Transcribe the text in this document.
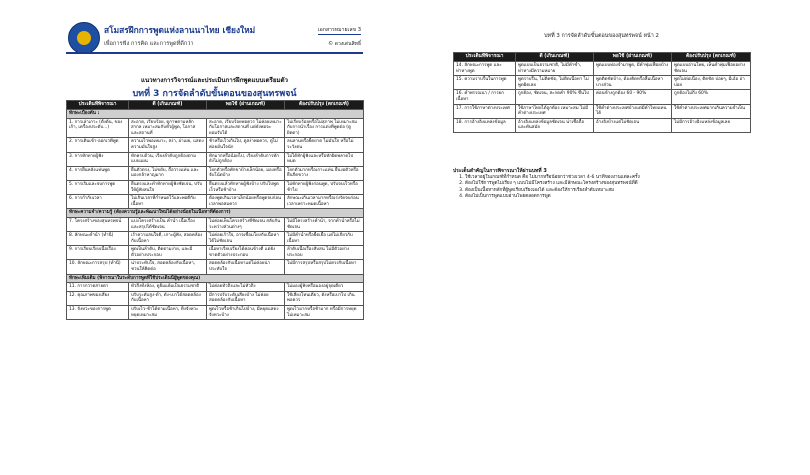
สโมสรฝึกการพูดแห่งลานนาไทย เชียงใหม่
เพื่อการฟัง การคิด และการพูดที่ดีกว่า
เอกสารหมายเลข 3
© ดวงเด่นสิทธิ์
แนวทางการวิจารณ์และประเมินการฝึกพูดแบบเตรียมตัว
บทที่ 3 การจัดลำดับขั้นตอนของสุนทรพจน์
ประเด็นที่พิจารณา	ดี (เกินเกณฑ์)	พอใช้ (ผ่านเกณฑ์)	ต้องปรับปรุง (ตกเกณฑ์)
ทักษะเบื้องต้น :			
1. การเล่าเกาะ (ตั้งต้น, ของเก้า, เครื่องประดับ...)	สะอาด, เรียบร้อย, ดูกาพตามหลักสากล เหมาะสมกับหัวผู้พูด, โอกาส และสถานที่	สะอาด, เรียบร้อยพอควร ไม่ค่อยเหมาะกับโอกาสและสถานที่ แต่ยังพอจะยอมรับได้	ไม่เรียบร้อยหรือไม่สุภาพ ไม่เหมาะสมกับการนำเรื่อง การแต่งที่พูดต่อ (ดูผิดตา)
2. การเดินเข้า-ออกเวทีพูด	ความเร็วพอเหมาะ, สง่า, ผ่าเผย, แสดงความมั่นใจสูง	ช้าหรือเร็วเกินไป, ดูสง่าพอควร, ดูไม่ค่อยมั่นใจนัก	ลนลานหรือยืดยาด ไม่มั่นใจ หรือไม่ระวังตน
3. การทักทายผู้ฟัง	ทักครบถ้วน, เรียงลำดับถูกต้องตามแบบแผน	ทักมากหรือน้อยไป, เรียงลำดับการทักยังไม่ถูกต้อง	ไม่ได้ทักผู้ฟังและหรือทักผิดพลาดไปหมด
4. การยืนหลังแท่นพูด	ยืนตัวตรง, ไม่ขยับ, ถือวางแท่น และมองกล้าหาญมาก	โยกตัวหรือพักขาบ้างเล็กน้อย, มองหรือจับโน้ตบ้าง	โยกตัวมากหรือเกาะแท่น ยืนงอตัวหรือยืนกีดขวาง
5. การเริ่มและจบการพูด	ยืนตรงและทำทักทายผู้ฟังชัดเจน, ปรับให้ผู้ฟังสนใจ	ยืนตรงแล้วทักทายผู้ฟังบ้าง ปรับไปพูดเร็วหรือช้าบ้าง	ไม่ทักทายผู้ฟังก่อนพูด, ปรับจบเร็วหรือช้าไป
6. การกำกับเวลา	ไม่เกินเวลาที่กำหนดไว้และพอดีกับเนื้อหา	ต้องพูดเกินเวลาเล็กน้อยหรือพูดจบก่อนเวลาพอสมควร	ลักษณะเกินเวลามากหรือเร่งรัดจบก่อนเวลาเพราะหมดเนื้อหา
ทักษะความจำ/ความรู้ (ต้องความรู้และพัฒนาใหม่ได้อย่างน้อยในเนื้อหาที่ต้องการ)			
7. โครงสร้างของสุนทรพจน์	แบ่งโครงสร้างเป็น คำนำ เนื้อเรื่อง และสรุปได้ชัดเจน	ไม่ค่อยเห็นโครงสร้างที่ชัดเจน สลับกันระหว่างส่วนต่างๆ	ไม่มีโครงสร้างคำนำ, จากคำนำหรือไม่ชัดเจน
8. ลักษณะคำนำ (ทำนี)	เร้าความสนใจดี, เกาะผู้ฟัง, สอดคล้องกับเนื้อหา	ไม่ค่อยเร้าใจ, อาจเชื่อมโยงกับเนื้อหาได้ไม่ชัดเจน	ไม่มีคำนำหรือยืดเยื้อ แต่ไม่เกี่ยวกับเนื้อหา
9. การเรียบเรียงเนื้อเรื่อง	พูดเป็นลำดับ, ติดตามง่าย, และมีตัวอย่างประกอบ	เนื้อหาเรียบเรียงได้ค่อนข้างดี แต่ยังขาดตัวอย่างประกอบ	ลำดับเนื้อเรื่องสับสน ไม่มีตัวอย่างประกอบ
10. ลักษณะการสรุป (ทำนี)	น่าประทับใจ, สอดคล้องกับเนื้อหา, ชวนให้คิดต่อ	สอดคล้องกับเนื้อหาแต่ไม่ค่อยน่าประทับใจ	ไม่มีการสรุปหรือสรุปไม่ตรงกับเนื้อหา
ทักษะเพิ่มเติม (พิจารณาในระดับการพูดที่ใช้ประเด็นนี้ผู้พูดของคุณ)			
11. การกวาดสายตา	ทั่วถึงทั้งห้อง, ดูยิ้มแย้มเป็นธรรมชาติ	ไม่ค่อยทั่วถึงและไม่ทั่วถึง	ไม่มองผู้ฟังหรือมองอยู่จุดเดียว
12. คุณภาพของเสียง	ปรับระดับสูง-ต่ำ, ดัง-เบาได้สอดคล้องกับเนื้อหา	มีการปรับระดับเสียงบ้าง ไม่ค่อยสอดคล้องกับเนื้อหา	ใช้เสียงโทนเดียว, ดังหรือเบาไป เกินพอควร
13. จังหวะของการพูด	ปรับเร็ว-ช้าได้ตามเนื้อหา, ทิ้งจังหวะหยุดเหมาะสม	พูดเร็วหรือช้าเกินไปบ้าง, มีหยุดแสดงจังหวะบ้าง	พูดเร็วมากหรือช้ามาก หรือมีการหยุดไม่เหมาะสม
บทที่ 3 การจัดลำดับขั้นตอนของสุนทรพจน์ หน้า 2
ประเด็นที่พิจารณา	ดี (เกินเกณฑ์)	พอใช้ (ผ่านเกณฑ์)	ต้องปรับปรุง (ตกเกณฑ์)
14. ลักษณะการพูด และท่าทางพูด	พูดแบบเป็นธรรมชาติ, ไม่มีคำซ้ำ, ท่าทางมีความหมาย	พูดแบบท่องจำมาพูด, มีคำฟุ่มเฟือยบ้าง	พูดแบบอ่านโพย, เห็นคำฟุ่มเฟือยอย่างชัดเจน
15. ความราบรื่นในการพูด	พูดราบรื่น, ไม่ติดขัด, ไม่ติดเนื้อหา ไม่พูดผิดเลย	พูดติดขัดบ้าง, ต้องคิดหรือลืมเนื้อหาบางส่วน	พูดไม่ต่อเนื่อง, ติดขัด บ่อยๆ, มีเอ้อ อ่า บ่อย
16. คำพรรณนา / การยกเนื้อหา	ถูกต้อง, ชัดเจน, สะกดคำ 90% ขึ้นไป	ค่อนข้างถูกต้อง 60 - 90%	ถูกต้องไม่ถึง 60%
17. การใช้ภาษาต่างประเทศ	ใช้ภาษาไทยได้ถูกต้อง เหมาะสม ไม่มีคำต่างประเทศ	ใช้คำต่างประเทศบ้างแต่มีคำไทยแทนได้	ใช้คำต่างประเทศมากเกินความจำเป็น
18. การอ้างอิงแหล่งข้อมูล	อ้างอิงแหล่งข้อมูลชัดเจน น่าเชื่อถือ และทันสมัย	อ้างอิงบ้างแต่ไม่ชัดเจน	ไม่มีการอ้างอิงแหล่งข้อมูลเลย
ประเด็นสำคัญในการพิจารณาให้ผ่านบทที่ 3
1. ใช้เวลาอยู่ในเกณฑ์ที่กำหนด คือ ไม่มากหรือน้อยกว่าช่วงเวลา 4-6 นาทีของงานแต่ละครั้ง
2. ต้องไม่ใช้การพูดไม่เรียง ๆ แบบไม่มีโครงสร้าง และมีลักษณะโครงสร้างของสุนทรพจน์ที่ดี
3. ต้องเป็นเนื้อหาหลักที่ผู้พูดเรียบเรียงเองได้ และต้องให้การเรียงลำดับเหมาะสม
4. ต้องไม่เป็นการพูดแบบอ่านโพยตลอดการพูด
